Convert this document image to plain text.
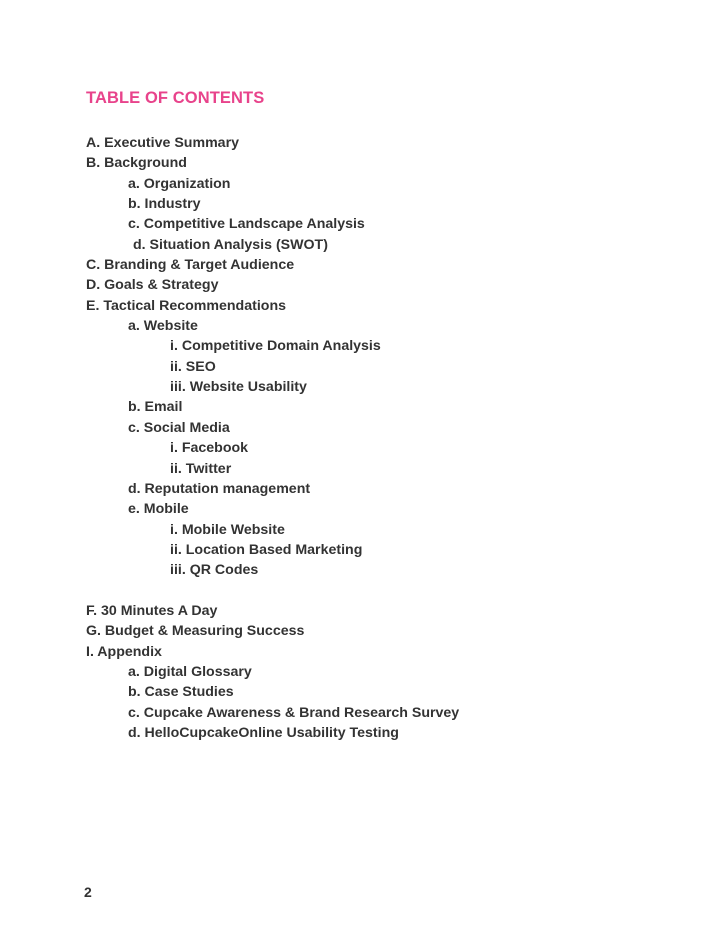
TABLE OF CONTENTS
A. Executive Summary
B. Background
a. Organization
b. Industry
c. Competitive Landscape Analysis
d. Situation Analysis (SWOT)
C. Branding & Target Audience
D. Goals & Strategy
E. Tactical Recommendations
a. Website
i. Competitive Domain Analysis
ii. SEO
iii. Website Usability
b. Email
c. Social Media
i. Facebook
ii. Twitter
d. Reputation management
e. Mobile
i. Mobile Website
ii. Location Based Marketing
iii. QR Codes
F. 30 Minutes A Day
G. Budget & Measuring Success
I. Appendix
a. Digital Glossary
b. Case Studies
c. Cupcake Awareness & Brand Research Survey
d. HelloCupcakeOnline Usability Testing
2
